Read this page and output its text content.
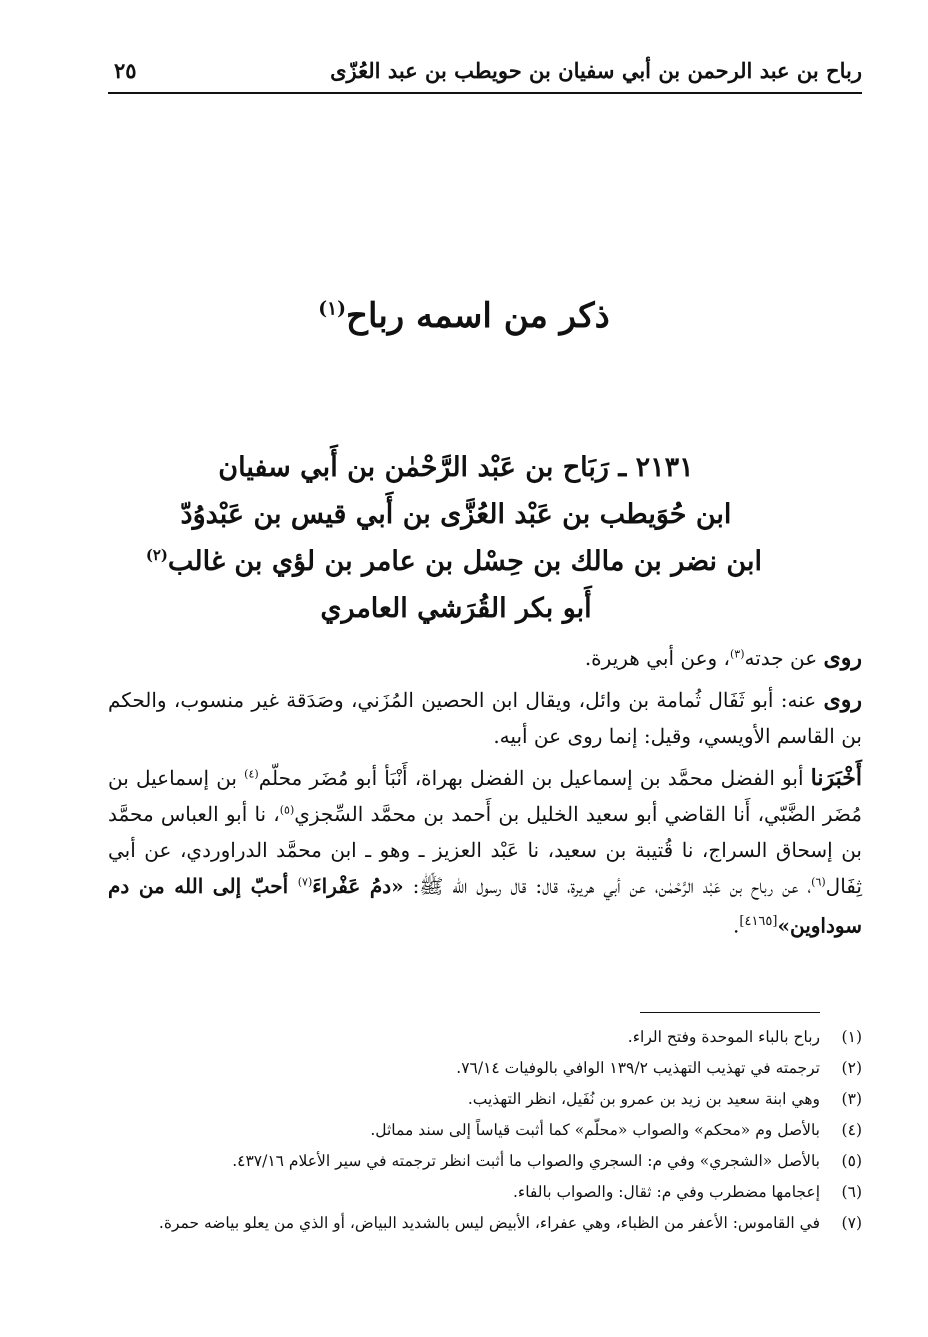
رباح بن عبد الرحمن بن أبي سفيان بن حويطب بن عبد العُزّى
٢٥
ذكر من اسمه رباح$^{(١)}$
٢١٣١ ـ رَبَاح بن عَبْد الرَّحْمٰن بن أَبي سفيان
ابن حُوَيطب بن عَبْد العُزَّى بن أَبي قيس بن عَبْدوُدّ
ابن نضر بن مالك بن حِسْل بن عامر بن لؤي بن غالب$^{(٢)}$
أَبو بكر القُرَشي العامري

روى عن جدته$^{(٣)}$، وعن أبي هريرة.

روى عنه: أبو ثَفَال ثُمامة بن وائل، ويقال ابن الحصين المُزَني، وصَدَقة غير منسوب، والحكم بن القاسم الأويسي، وقيل: إنما روى عن أبيه.

أَخْبَرَنا أبو الفضل محمَّد بن إسماعيل بن الفضل بهراة، أَنْبَأ أبو مُضَر محلّم$^{(٤)}$ بن إسماعيل بن مُضَر الضَّبّي، أَنا القاضي أبو سعيد الخليل بن أَحمد بن محمَّد السِّجزي$^{(٥)}$، نا أبو العباس محمَّد بن إسحاق السراج، نا قُتيبة بن سعيد، نا عَبْد العزيز ـ وهو ـ ابن محمَّد الدراوردي، عن أبي ثِفَال$^{(٦)}$، عن رباح بن عَبْد الرَّحْمٰن، عن أبي هريرة، قال: قال رسول الله ﷺ: «دمُ عَفْراءَ$^{(٧)}$ أحبّ إلى الله من دم سوداوين»[٤١٦٥].

(١)
رباح بالباء الموحدة وفتح الراء.
(٢)
ترجمته في تهذيب التهذيب ١٣٩/٢ الوافي بالوفيات ٧٦/١٤.
(٣)
وهي ابنة سعيد بن زيد بن عمرو بن نُفَيل، انظر التهذيب.
(٤)
بالأصل وم «محكم» والصواب «محلّم» كما أثبت قياساً إلى سند مماثل.
(٥)
بالأصل «الشجري» وفي م: السجري والصواب ما أثبت انظر ترجمته في سير الأعلام ٤٣٧/١٦.
(٦)
إعجامها مضطرب وفي م: ثقال: والصواب بالفاء.
(٧)
في القاموس: الأعفر من الظباء، وهي عفراء، الأبيض ليس بالشديد البياض، أو الذي من يعلو بياضه حمرة.
